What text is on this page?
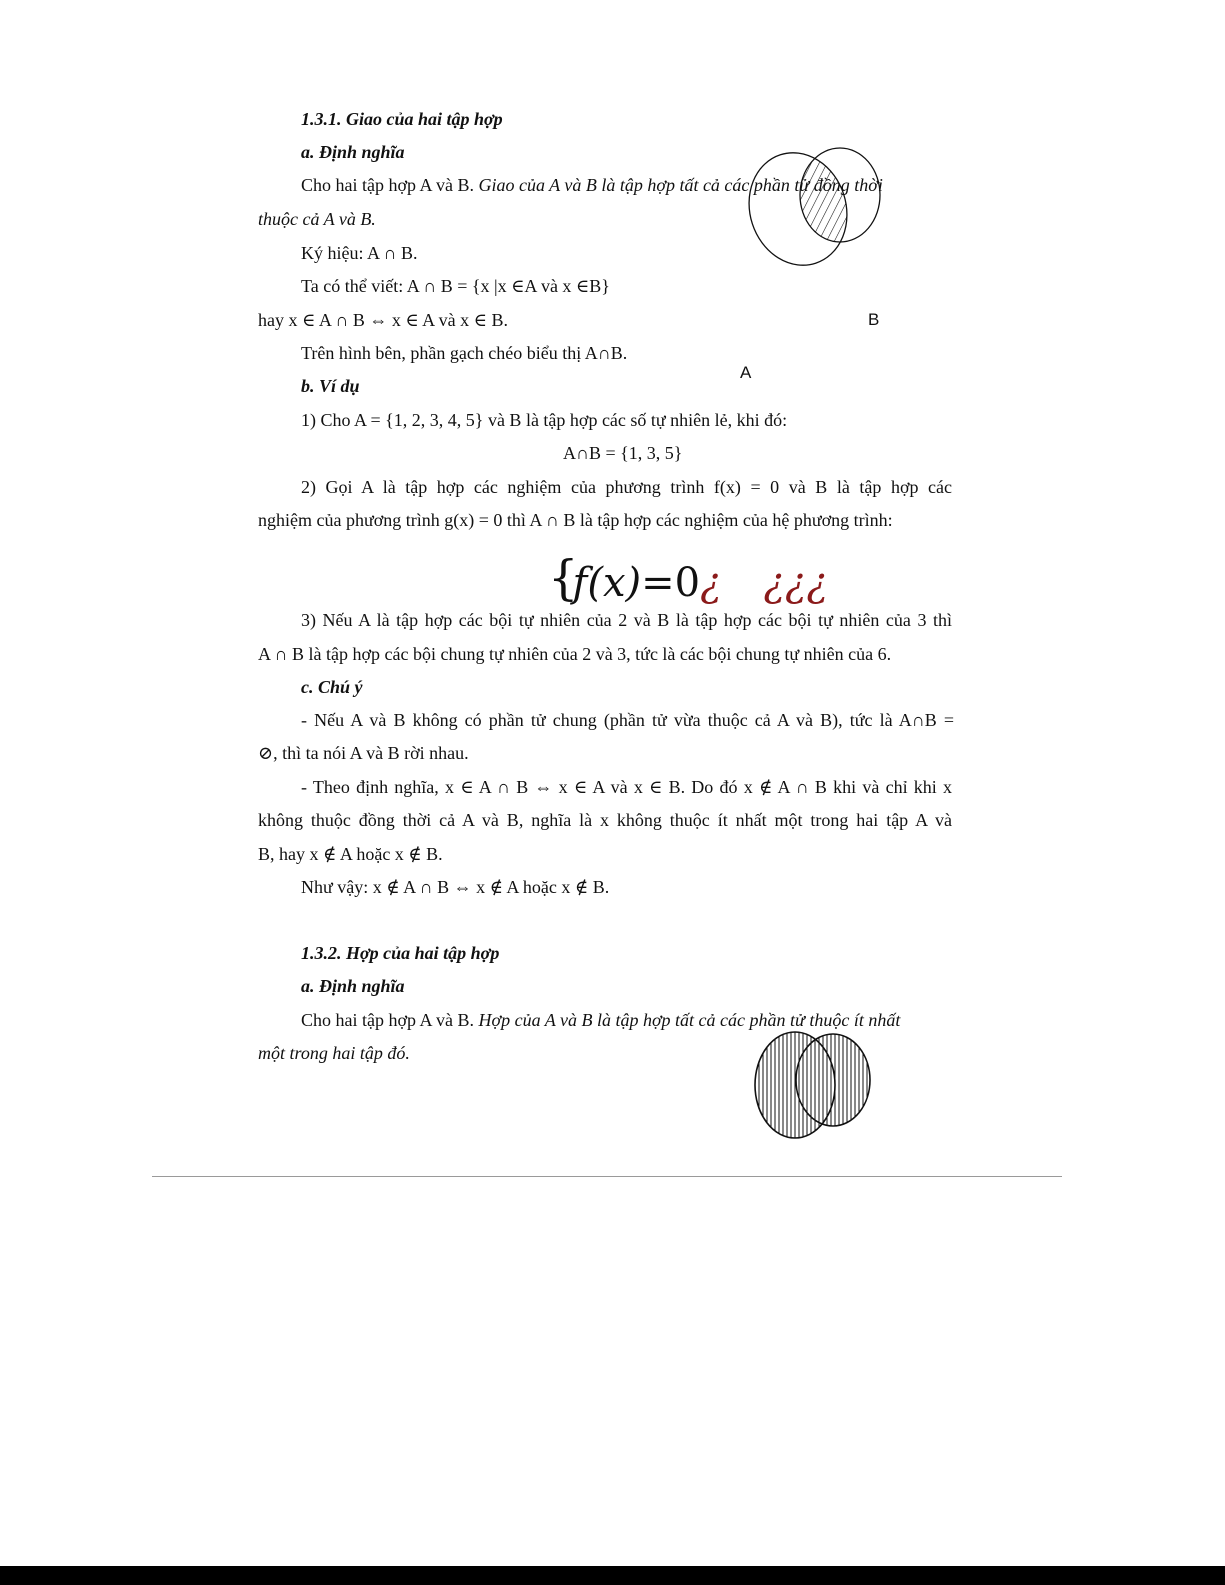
1.3.1. Giao của hai tập hợp
a. Định nghĩa
Cho hai tập hợp A và B. Giao của A và B là tập hợp tất cả các phần tử đồng thời
thuộc cả A và B.
Ký hiệu: A ∩ B.
Ta có thể viết: A ∩ B = {x |x ∈A và x ∈B}
hay x ∈ A ∩ B ⇔ x ∈ A và x ∈ B.
Trên hình bên, phần gạch chéo biểu thị A∩B.
B
A
b. Ví dụ
1) Cho A = {1, 2, 3, 4, 5} và B là tập hợp các số tự nhiên lẻ, khi đó:
A∩B = {1, 3, 5}
2) Gọi A là tập hợp các nghiệm của phương trình f(x) = 0 và B là tập hợp các
nghiệm của phương trình g(x) = 0 thì A ∩ B là tập hợp các nghiệm của hệ phương trình:
{f(x)=0¿ ¿¿¿
3) Nếu A là tập hợp các bội tự nhiên của 2 và B là tập hợp các bội tự nhiên của 3 thì
A ∩ B là tập hợp các bội chung tự nhiên của 2 và 3, tức là các bội chung tự nhiên của 6.
c. Chú ý
- Nếu A và B không có phần tử chung (phần tử vừa thuộc cả A và B), tức là A∩B =
⊘, thì ta nói A và B rời nhau.
- Theo định nghĩa, x ∈ A ∩ B ⇔ x ∈ A và x ∈ B. Do đó x ∉ A ∩ B khi và chỉ khi x
không thuộc đồng thời cả A và B, nghĩa là x không thuộc ít nhất một trong hai tập A và
B, hay x ∉ A hoặc x ∉ B.
Như vậy: x ∉ A ∩ B ⇔ x ∉ A hoặc x ∉ B.
1.3.2. Hợp của hai tập hợp
a. Định nghĩa
Cho hai tập hợp A và B. Hợp của A và B là tập hợp tất cả các phần tử thuộc ít nhất
một trong hai tập đó.
